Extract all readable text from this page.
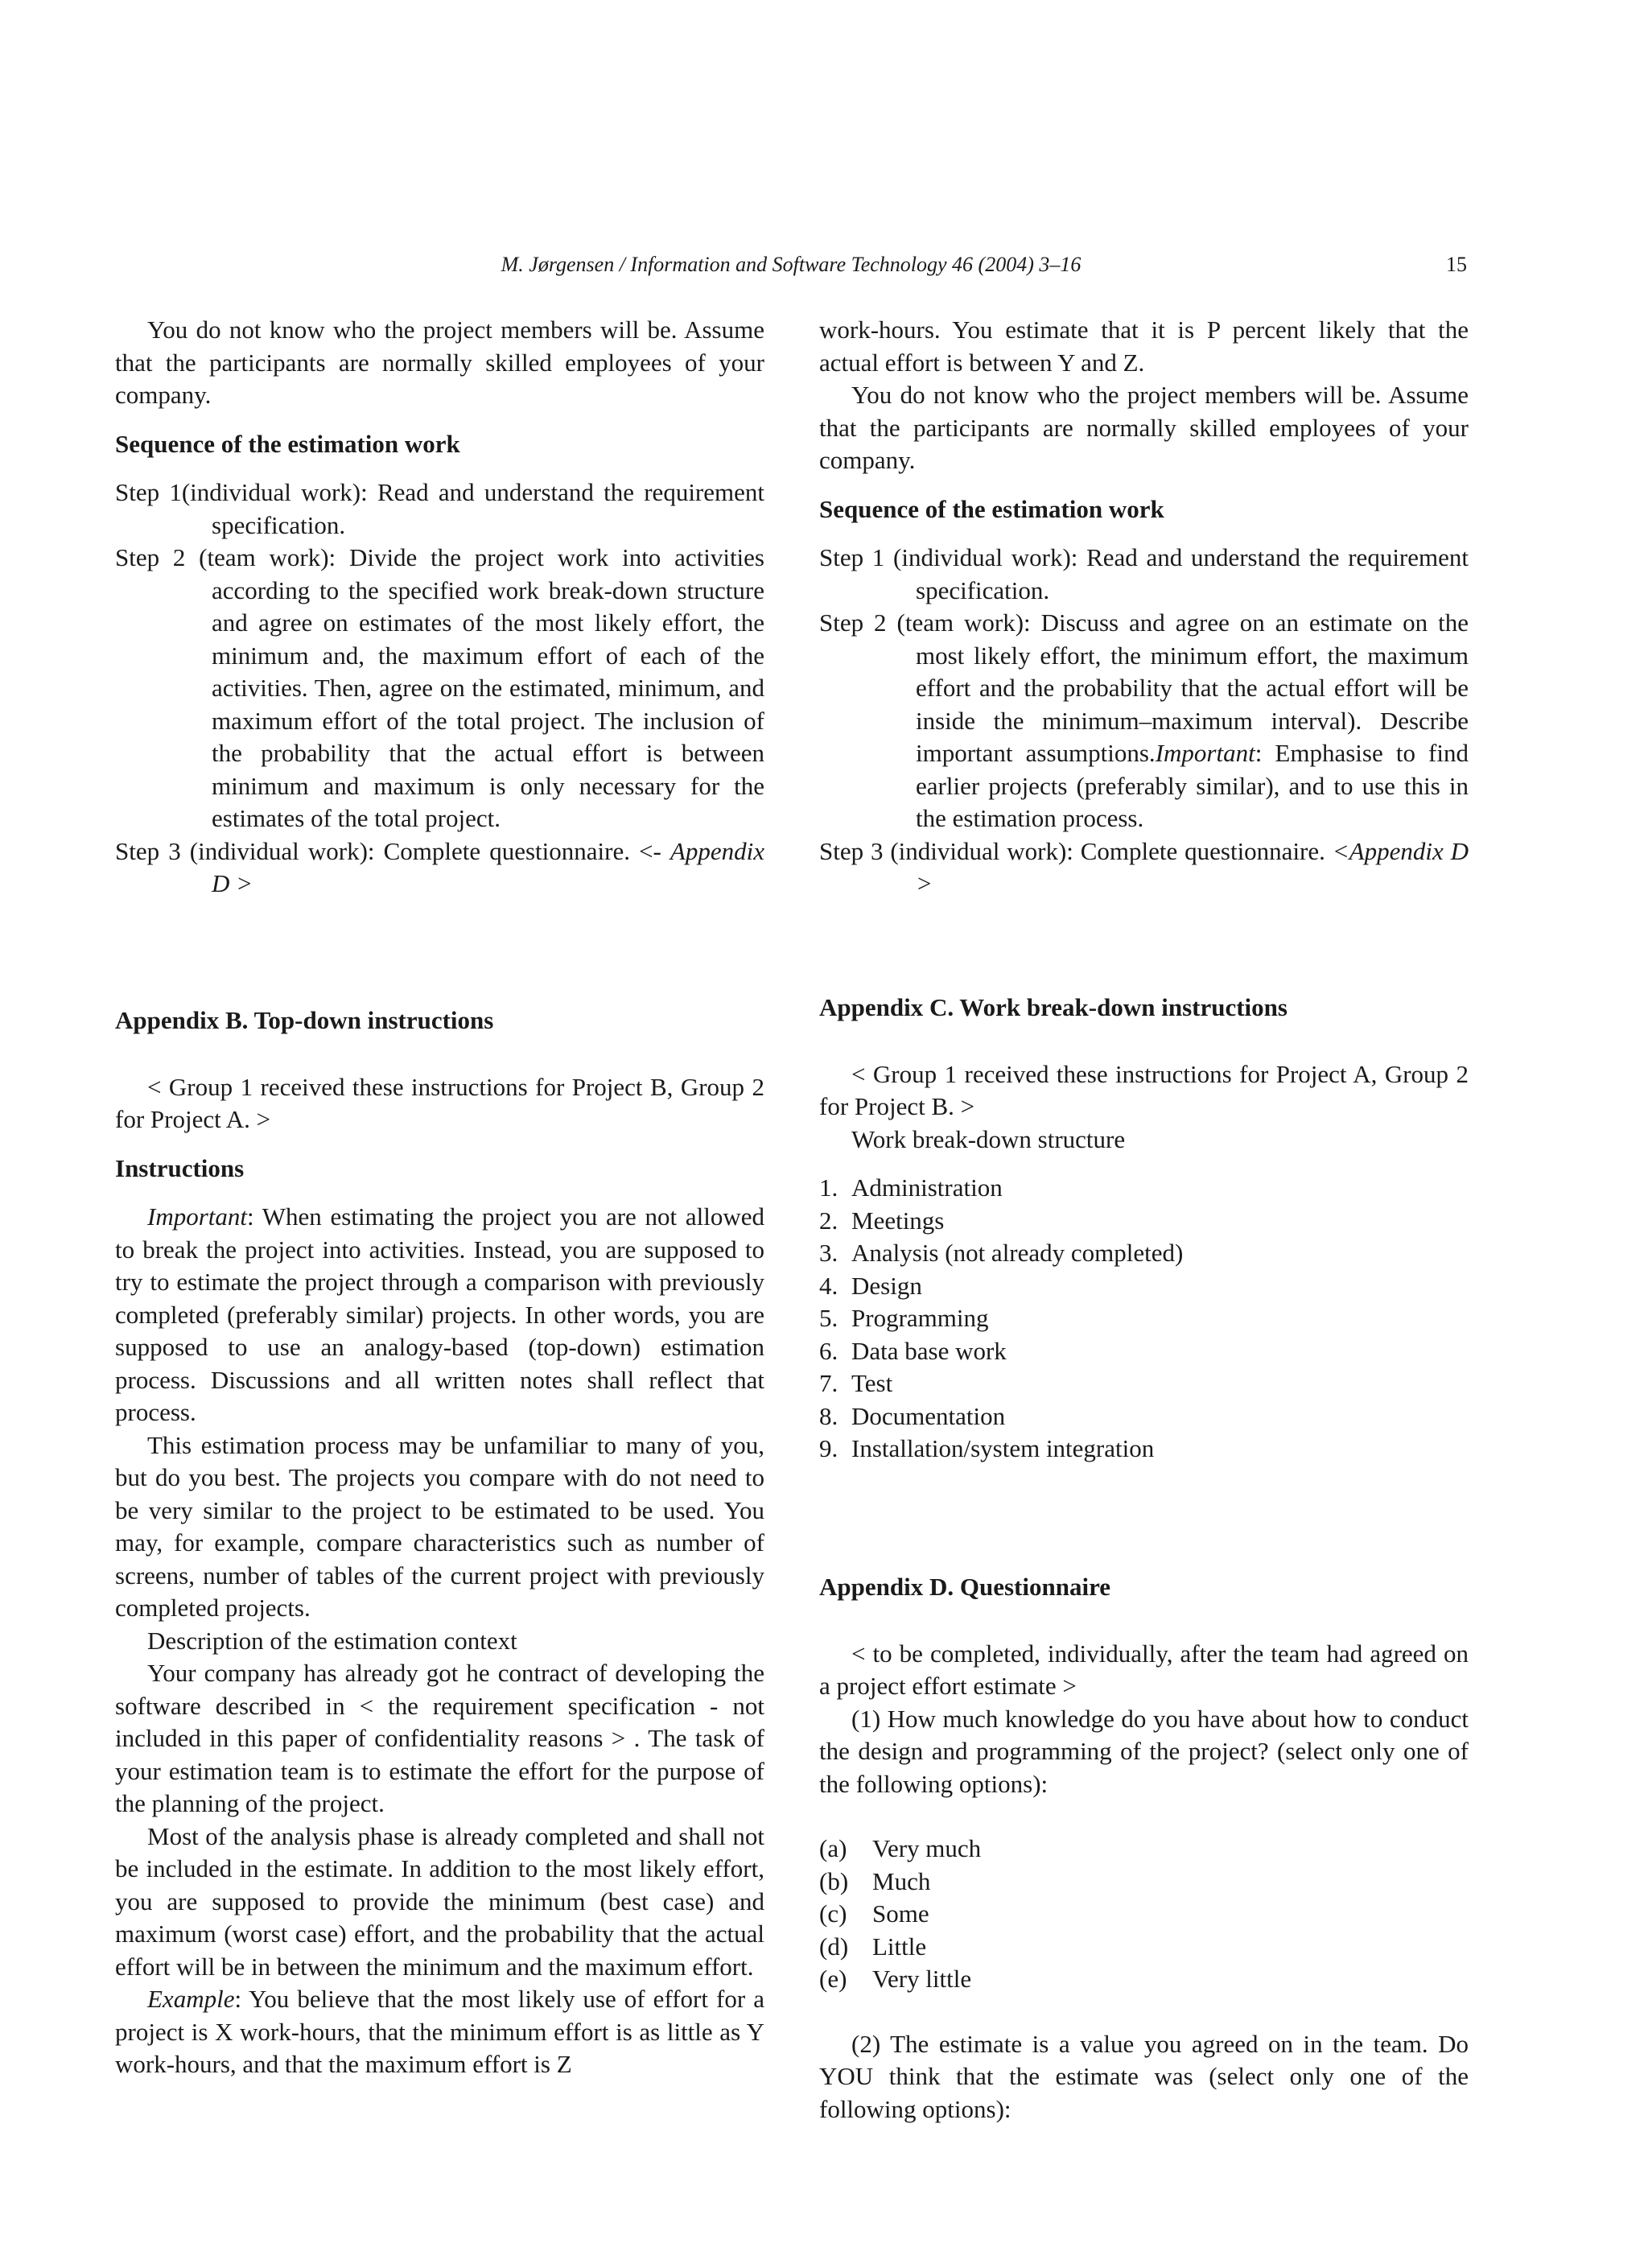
M. Jørgensen / Information and Software Technology 46 (2004) 3–16	15

You do not know who the project members will be. Assume that the participants are normally skilled employees of your company.

Sequence of the estimation work

Step 1(individual work): Read and understand the requirement specification.

Step 2 (team work): Divide the project work into activities according to the specified work break-down structure and agree on estimates of the most likely effort, the minimum and, the maximum effort of each of the activities. Then, agree on the estimated, minimum, and maximum effort of the total project. The inclusion of the probability that the actual effort is between minimum and maximum is only necessary for the estimates of the total project.

Step 3 (individual work): Complete questionnaire. <- Appendix D >

Appendix B. Top-down instructions

< Group 1 received these instructions for Project B, Group 2 for Project A. >

Instructions

Important: When estimating the project you are not allowed to break the project into activities. Instead, you are supposed to try to estimate the project through a comparison with previously completed (preferably similar) projects. In other words, you are supposed to use an analogy-based (top-down) estimation process. Discussions and all written notes shall reflect that process.

This estimation process may be unfamiliar to many of you, but do you best. The projects you compare with do not need to be very similar to the project to be estimated to be used. You may, for example, compare characteristics such as number of screens, number of tables of the current project with previously completed projects.

Description of the estimation context

Your company has already got he contract of developing the software described in < the requirement specification - not included in this paper of confidentiality reasons > . The task of your estimation team is to estimate the effort for the purpose of the planning of the project.

Most of the analysis phase is already completed and shall not be included in the estimate. In addition to the most likely effort, you are supposed to provide the minimum (best case) and maximum (worst case) effort, and the probability that the actual effort will be in between the minimum and the maximum effort.

Example: You believe that the most likely use of effort for a project is X work-hours, that the minimum effort is as little as Y work-hours, and that the maximum effort is Z

work-hours. You estimate that it is P percent likely that the actual effort is between Y and Z.

You do not know who the project members will be. Assume that the participants are normally skilled employees of your company.

Sequence of the estimation work

Step 1 (individual work): Read and understand the requirement specification.

Step 2 (team work): Discuss and agree on an estimate on the most likely effort, the minimum effort, the maximum effort and the probability that the actual effort will be inside the minimum–maximum interval). Describe important assumptions.Important: Emphasise to find earlier projects (preferably similar), and to use this in the estimation process.

Step 3 (individual work): Complete questionnaire. <Appendix D >

Appendix C. Work break-down instructions

< Group 1 received these instructions for Project A, Group 2 for Project B. >

Work break-down structure

1. Administration
2. Meetings
3. Analysis (not already completed)
4. Design
5. Programming
6. Data base work
7. Test
8. Documentation
9. Installation/system integration

Appendix D. Questionnaire

< to be completed, individually, after the team had agreed on a project effort estimate >

(1) How much knowledge do you have about how to conduct the design and programming of the project? (select only one of the following options):

(a)	Very much
(b) Much
(c)	Some
(d) Little
(e)	Very little

(2) The estimate is a value you agreed on in the team. Do YOU think that the estimate was (select only one of the following options):
